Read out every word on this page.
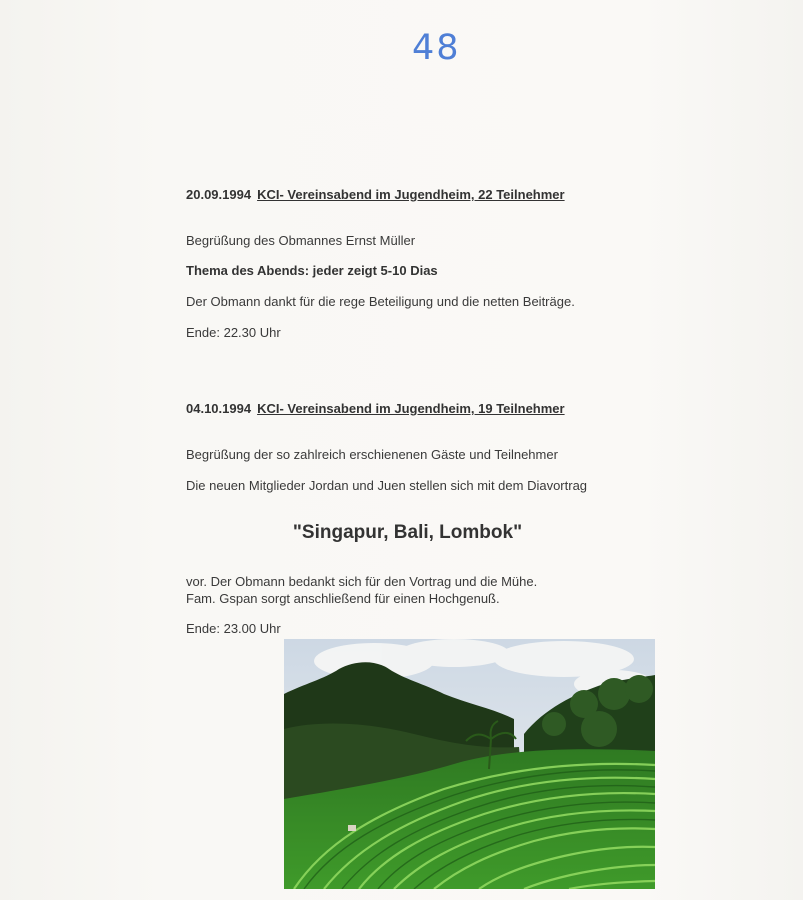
48
20.09.1994 KCI- Vereinsabend im Jugendheim, 22 Teilnehmer
Begrüßung des Obmannes Ernst Müller
Thema des Abends: jeder zeigt 5-10 Dias
Der Obmann dankt für die rege Beteiligung und die netten Beiträge.
Ende: 22.30 Uhr
04.10.1994 KCI- Vereinsabend im Jugendheim, 19 Teilnehmer
Begrüßung der so zahlreich erschienenen Gäste und Teilnehmer
Die neuen Mitglieder Jordan und Juen stellen sich mit dem Diavortrag
"Singapur, Bali, Lombok"
vor. Der Obmann bedankt sich für den Vortrag und die Mühe.
Fam. Gspan sorgt anschließend für einen Hochgenuß.
Ende: 23.00 Uhr
